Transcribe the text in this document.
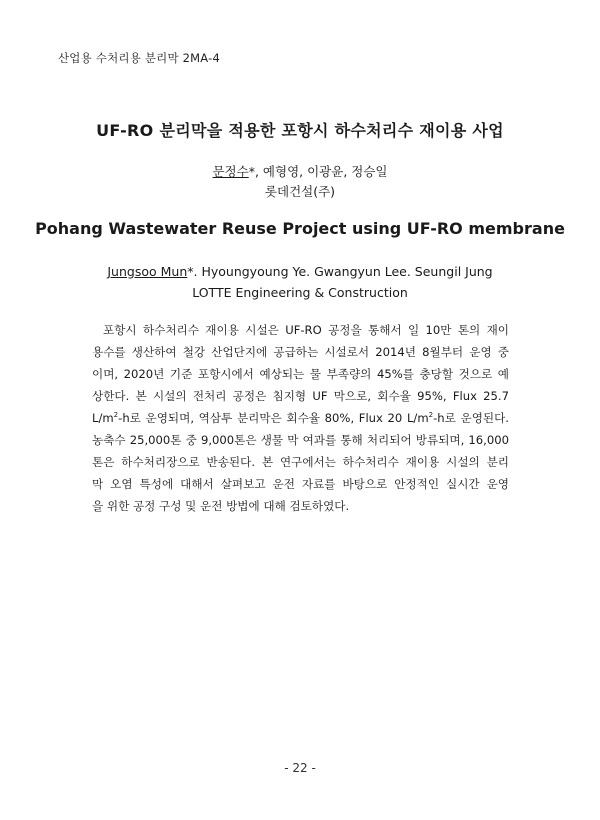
산업용 수처리용 분리막 2MA-4
UF-RO 분리막을 적용한 포항시 하수처리수 재이용 사업
문정수*, 예형영, 이광윤, 정승일
롯데건설(주)
Pohang Wastewater Reuse Project using UF-RO membrane
Jungsoo Mun*. Hyoungyoung Ye. Gwangyun Lee. Seungil Jung
LOTTE Engineering & Construction
포항시 하수처리수 재이용 시설은 UF-RO 공정을 통해서 일 10만 톤의 재이
용수를 생산하여 철강 산업단지에 공급하는 시설로서 2014년 8월부터 운영 중
이며, 2020년 기준 포항시에서 예상되는 물 부족량의 45%를 충당할 것으로 예
상한다. 본 시설의 전처리 공정은 침지형 UF 막으로, 회수율 95%, Flux 25.7
$L/m^2-h$로 운영되며, 역삼투 분리막은 회수율 80%, Flux 20 $L/m^2-h$로 운영된다.
농축수 25,000톤 중 9,000톤은 생물 막 여과를 통해 처리되어 방류되며, 16,000
톤은 하수처리장으로 반송된다. 본 연구에서는 하수처리수 재이용 시설의 분리
막 오염 특성에 대해서 살펴보고 운전 자료를 바탕으로 안정적인 실시간 운영
을 위한 공정 구성 및 운전 방법에 대해 검토하였다.
- 22 -
